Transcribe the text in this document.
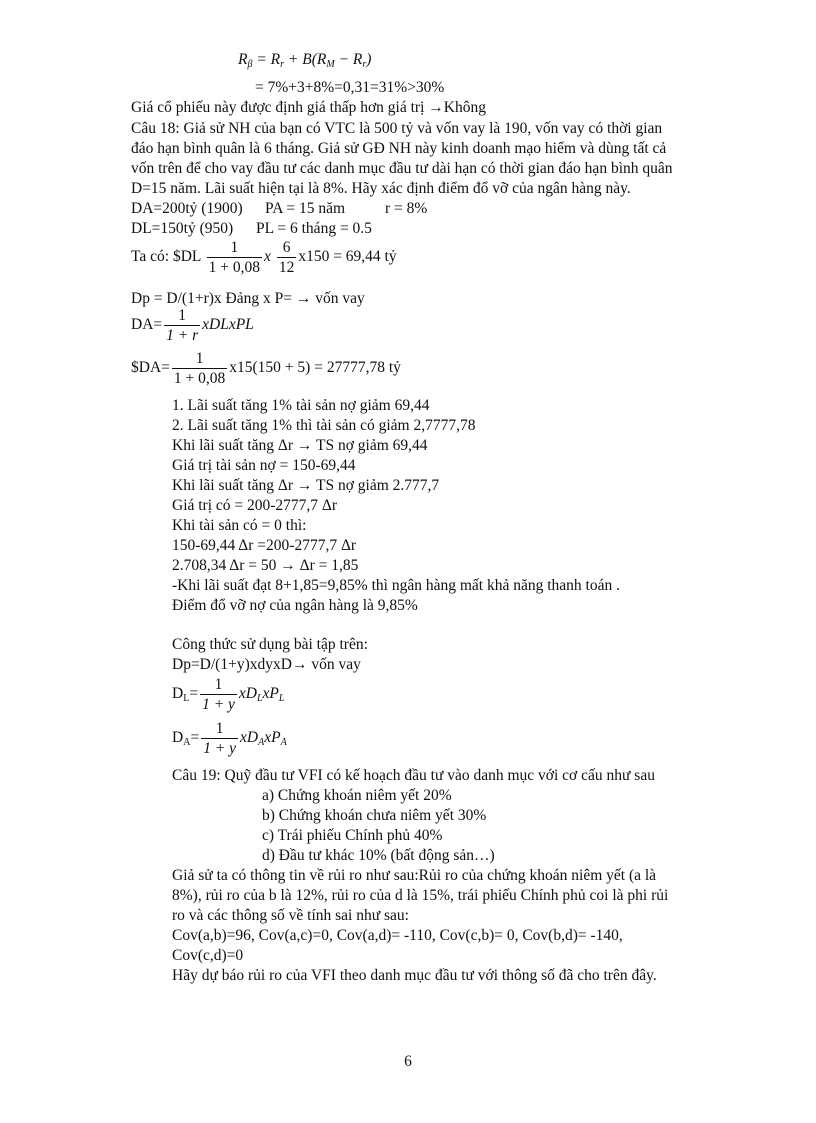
$R_\beta = R_r + B(R_M - R_r)$
= 7%+3+8%=0,31=31%>30%
Giá cổ phiếu này được định giá thấp hơn giá trị →Không
Câu 18: Giả sử NH của bạn có VTC là 500 tỷ và vốn vay là 190, vốn vay có thời gian
đáo hạn bình quân là 6 tháng. Giả sử GĐ NH này kinh doanh mạo hiểm và dùng tất cả
vốn trên để cho vay đầu tư các danh mục đầu tư dài hạn có thời gian đáo hạn bình quân
D=15 năm. Lãi suất hiện tại là 8%. Hãy xác định điểm đổ vỡ của ngân hàng này.
DA=200tỷ (1900) PA = 15 năm	r = 8%
DL=150tỷ (950) PL = 6 tháng = 0.5
Ta có: $DL $\frac{1}{1 + 0,08}$ x $\frac{6}{12} x150 = 69,44$ tỷ
Dp = D/(1+r)x Đảng x P= → vốn vay
$DA= \frac{1}{1 + r}$ xDLxPL
$DA= $\frac{1}{1 + 0,08} x15(150 + 5) = 27777,78$ tỷ
1. Lãi suất tăng 1% tài sản nợ giảm 69,44
2. Lãi suất tăng 1% thì tài sản có giảm 2,7777,78
Khi lãi suất tăng Δr → TS nợ giảm 69,44
Giá trị tài sản nợ = 150-69,44
Khi lãi suất tăng Δr → TS nợ giảm 2.777,7
Giá trị có = 200-2777,7 Δr
Khi tài sản có = 0 thì:
150-69,44 Δr =200-2777,7 Δr
2.708,34 Δr = 50 → Δr = 1,85
-Khi lãi suất đạt 8+1,85=9,85% thì ngân hàng mất khả năng thanh toán .
Điểm đổ vỡ nợ của ngân hàng là 9,85%
Công thức sử dụng bài tập trên:
Dp=D/(1+y)xdyxD→ vốn vay
$D_L= \frac{1}{1 + y} xD_LxP_L$
$D_A= \frac{1}{1 + y} xD_AxP_A$
Câu 19: Quỹ đầu tư VFI có kế hoạch đầu tư vào danh mục với cơ cấu như sau
a) Chứng khoán niêm yết 20%
b) Chứng khoán chưa niêm yết 30%
c) Trái phiếu Chính phủ 40%
d) Đầu tư khác 10% (bất động sản…)
Giả sử ta có thông tin về rủi ro như sau:Rủi ro của chứng khoán niêm yết (a là
8%), rủi ro của b là 12%, rủi ro của d là 15%, trái phiếu Chính phủ coi là phi rủi
ro và các thông số về tính sai như sau:
Cov(a,b)=96, Cov(a,c)=0, Cov(a,d)= -110, Cov(c,b)= 0, Cov(b,d)= -140,
Cov(c,d)=0
Hãy dự báo rủi ro của VFI theo danh mục đầu tư với thông số đã cho trên đây.
6
